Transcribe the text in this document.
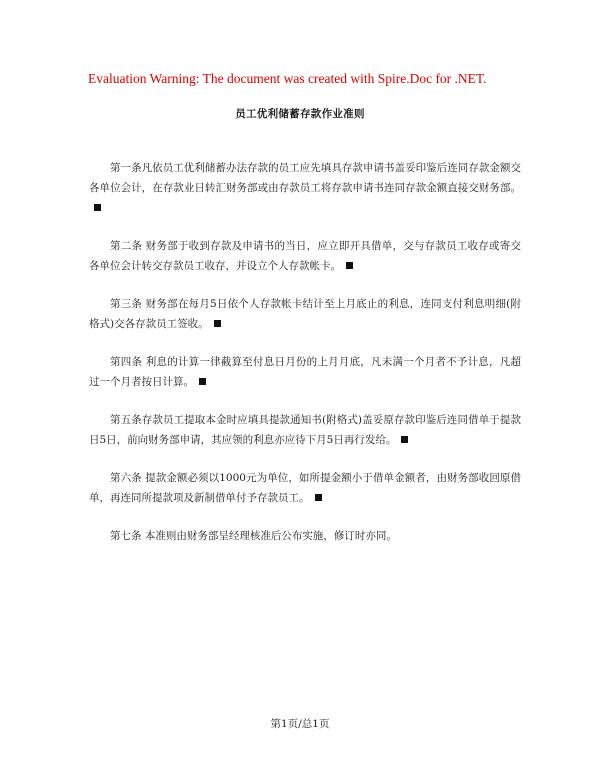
Evaluation Warning: The document was created with Spire.Doc for .NET.
员工优利储蓄存款作业准则

第一条凡依员工优利储蓄办法存款的员工应先填具存款申请书盖妥印鉴后连同存款金额交各单位会计，在存款业日转汇财务部或由存款员工将存款申请书连同存款金额直接交财务部。

第二条 财务部于收到存款及申请书的当日，应立即开具借单，交与存款员工收存或寄交各单位会计转交存款员工收存，并设立个人存款帐卡。

第三条 财务部在每月5日依个人存款帐卡结计至上月底止的利息，连同支付利息明细(附格式)交各存款员工签收。

第四条 利息的计算一律截算至付息日月份的上月月底，凡未满一个月者不予计息，凡超过一个月者按日计算。

第五条存款员工提取本金时应填具提款通知书(附格式)盖妥原存款印鉴后连同借单于提款日5日，前向财务部申请，其应领的利息亦应待下月5日再行发给。

第六条 提款金额必须以1000元为单位，如所提金额小于借单金额者，由财务部收回原借单，再连同所提款项及新制借单付予存款员工。

第七条 本准则由财务部呈经理核准后公布实施，修订时亦同。

第1页/总1页
